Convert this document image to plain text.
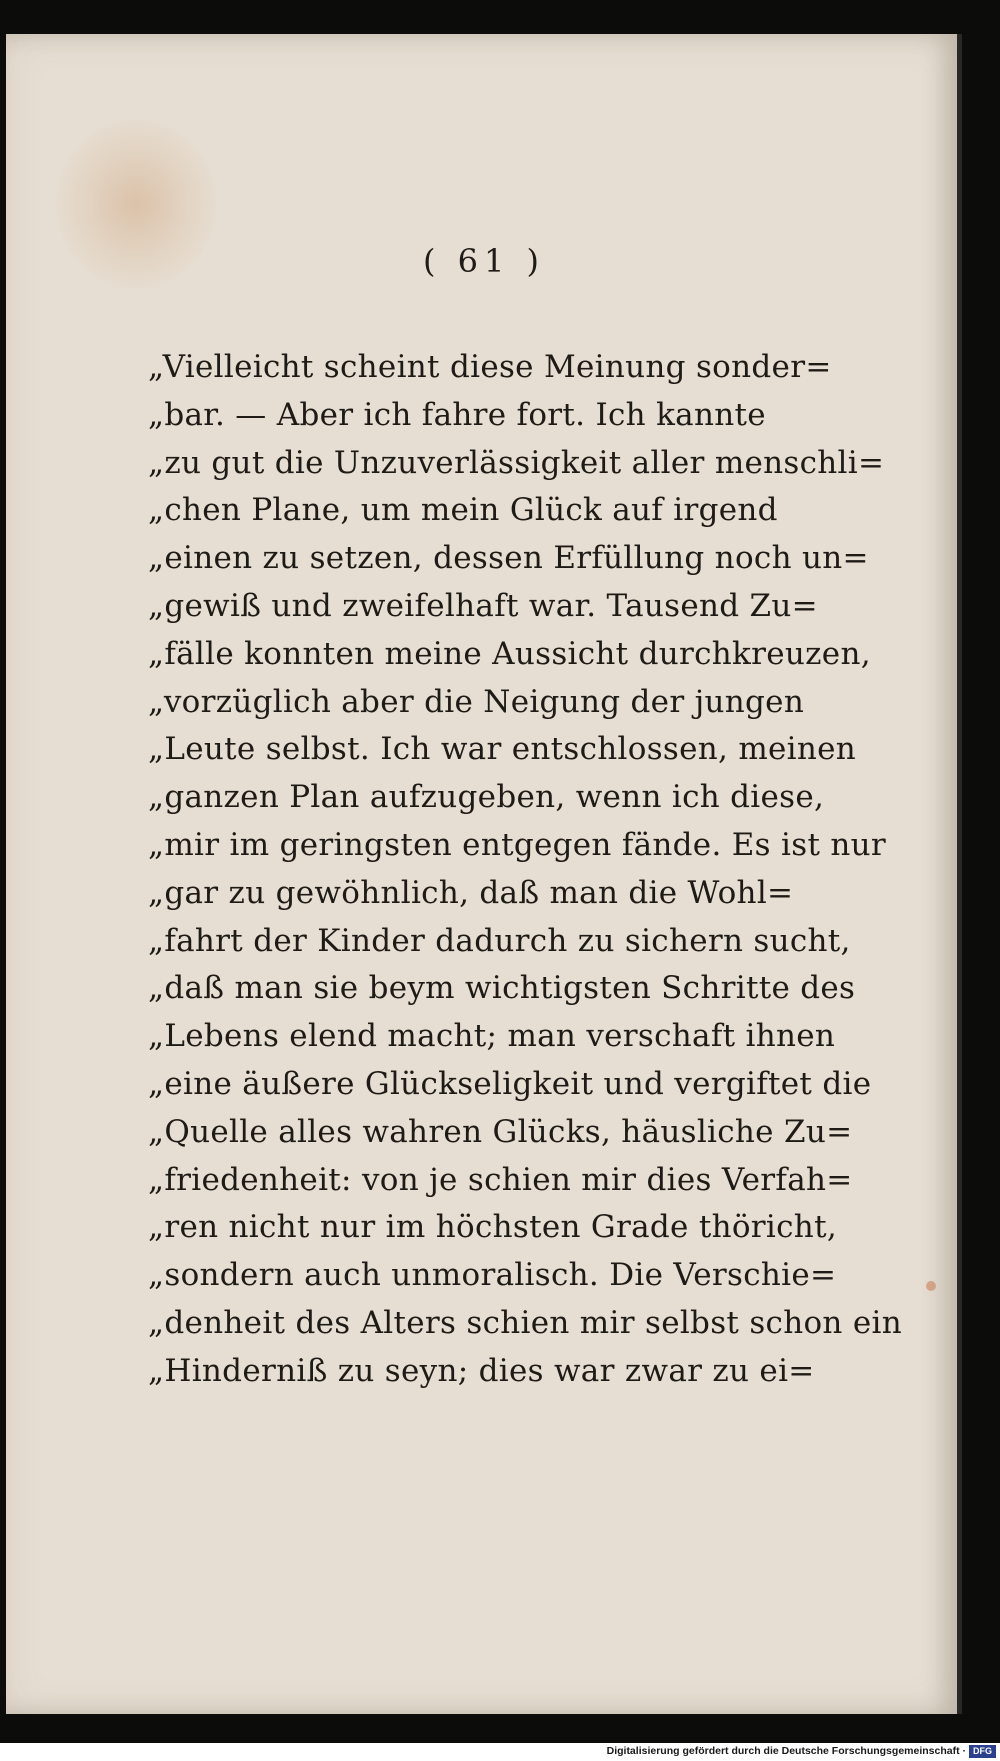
( 61 )
„Vielleicht scheint diese Meinung sonder=
„bar. — Aber ich fahre fort. Ich kannte
„zu gut die Unzuverlässigkeit aller menschli=
„chen Plane, um mein Glück auf irgend
„einen zu setzen, dessen Erfüllung noch un=
„gewiß und zweifelhaft war. Tausend Zu=
„fälle konnten meine Aussicht durchkreuzen,
„vorzüglich aber die Neigung der jungen
„Leute selbst. Ich war entschlossen, meinen
„ganzen Plan aufzugeben, wenn ich diese,
„mir im geringsten entgegen fände. Es ist nur
„gar zu gewöhnlich, daß man die Wohl=
„fahrt der Kinder dadurch zu sichern sucht,
„daß man sie beym wichtigsten Schritte des
„Lebens elend macht; man verschaft ihnen
„eine äußere Glückseligkeit und vergiftet die
„Quelle alles wahren Glücks, häusliche Zu=
„friedenheit: von je schien mir dies Verfah=
„ren nicht nur im höchsten Grade thöricht,
„sondern auch unmoralisch. Die Verschie=
„denheit des Alters schien mir selbst schon ein
„Hinderniß zu seyn; dies war zwar zu ei=
Digitalisierung gefördert durch die Deutsche Forschungsgemeinschaft · DFG
